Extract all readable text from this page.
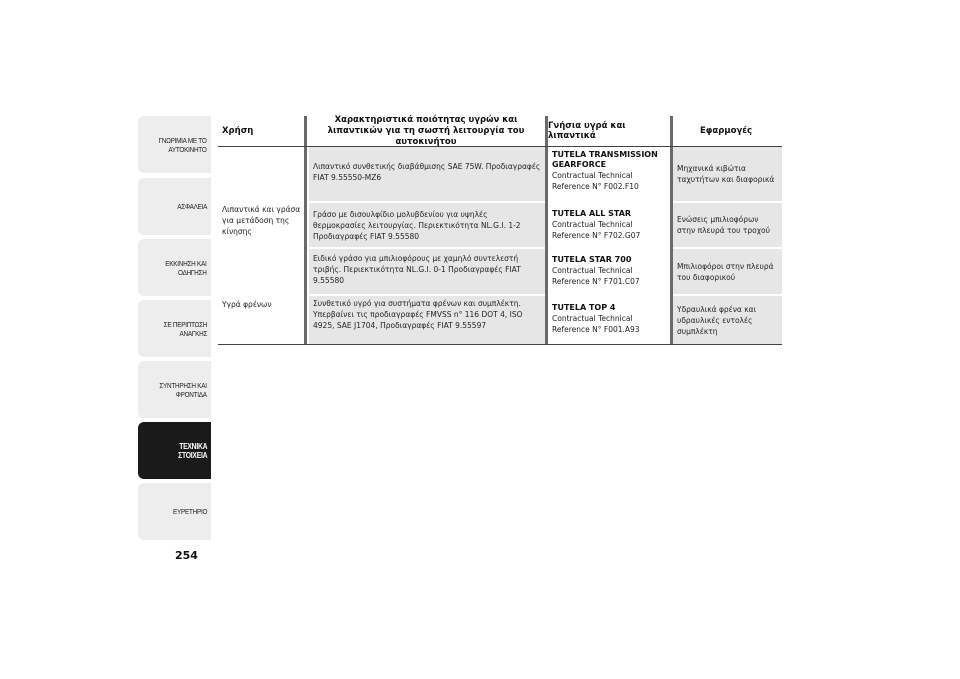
ΓΝΩΡΙΜΙΑ ΜΕ ΤΟ
ΑΥΤΟΚΙΝΗΤΟ
ΑΣΦΑΛΕΙΑ
ΕΚΚΙΝΗΣΗ ΚΑΙ
ΟΔΗΓΗΣΗ
ΣΕ ΠΕΡΙΠΤΩΣΗ
ΑΝΑΓΚΗΣ
ΣΥΝΤΗΡΗΣΗ ΚΑΙ
ΦΡΟΝΤΙΔΑ
ΤΕΧΝΙΚΑ
ΣΤΟΙΧΕΙΑ
ΕΥΡΕΤΗΡΙΟ
254
Χρήση
Χαρακτηριστικά ποιότητας υγρών και λιπαντικών για τη σωστή λειτουργία του αυτοκινήτου
Γνήσια υγρά και λιπαντικά	Εφαρμογές
Λιπαντικά και γράσα για μετάδοση της κίνησης
Υγρά φρένων
Λιπαντικό συνθετικής διαβάθμισης SAE 75W. Προδιαγραφές FIAT 9.55550-MZ6
Γράσο με δισουλφίδιο μολυβδενίου για υψηλές θερμοκρασίες λειτουργίας. Περιεκτικότητα NL.G.I. 1-2 Προδιαγραφές FIAT 9.55580
Ειδικό γράσο για μπιλιοφόρους με χαμηλό συντελεστή τριβής. Περιεκτικότητα NL.G.I. 0-1 Προδιαγραφές FIAT 9.55580
Συνθετικό υγρό για συστήματα φρένων και συμπλέκτη. Υπερβαίνει τις προδιαγραφές FMVSS n° 116 DOT 4, ISO 4925, SAE J1704, Προδιαγραφές FIAT 9.55597
TUTELA TRANSMISSION GEARFORCE
Contractual Technical Reference N° F002.F10
TUTELA ALL STAR
Contractual Technical Reference N° F702.G07
TUTELA STAR 700
Contractual Technical Reference N° F701.C07
TUTELA TOP 4
Contractual Technical Reference N° F001.A93
Μηχανικά κιβώτια ταχυτήτων και διαφορικά
Ενώσεις μπιλιοφόρων στην πλευρά του τροχού
Μπιλιοφόροι στην πλευρά του διαφορικού
Υδραυλικά φρένα και υδραυλικές εντολές συμπλέκτη
